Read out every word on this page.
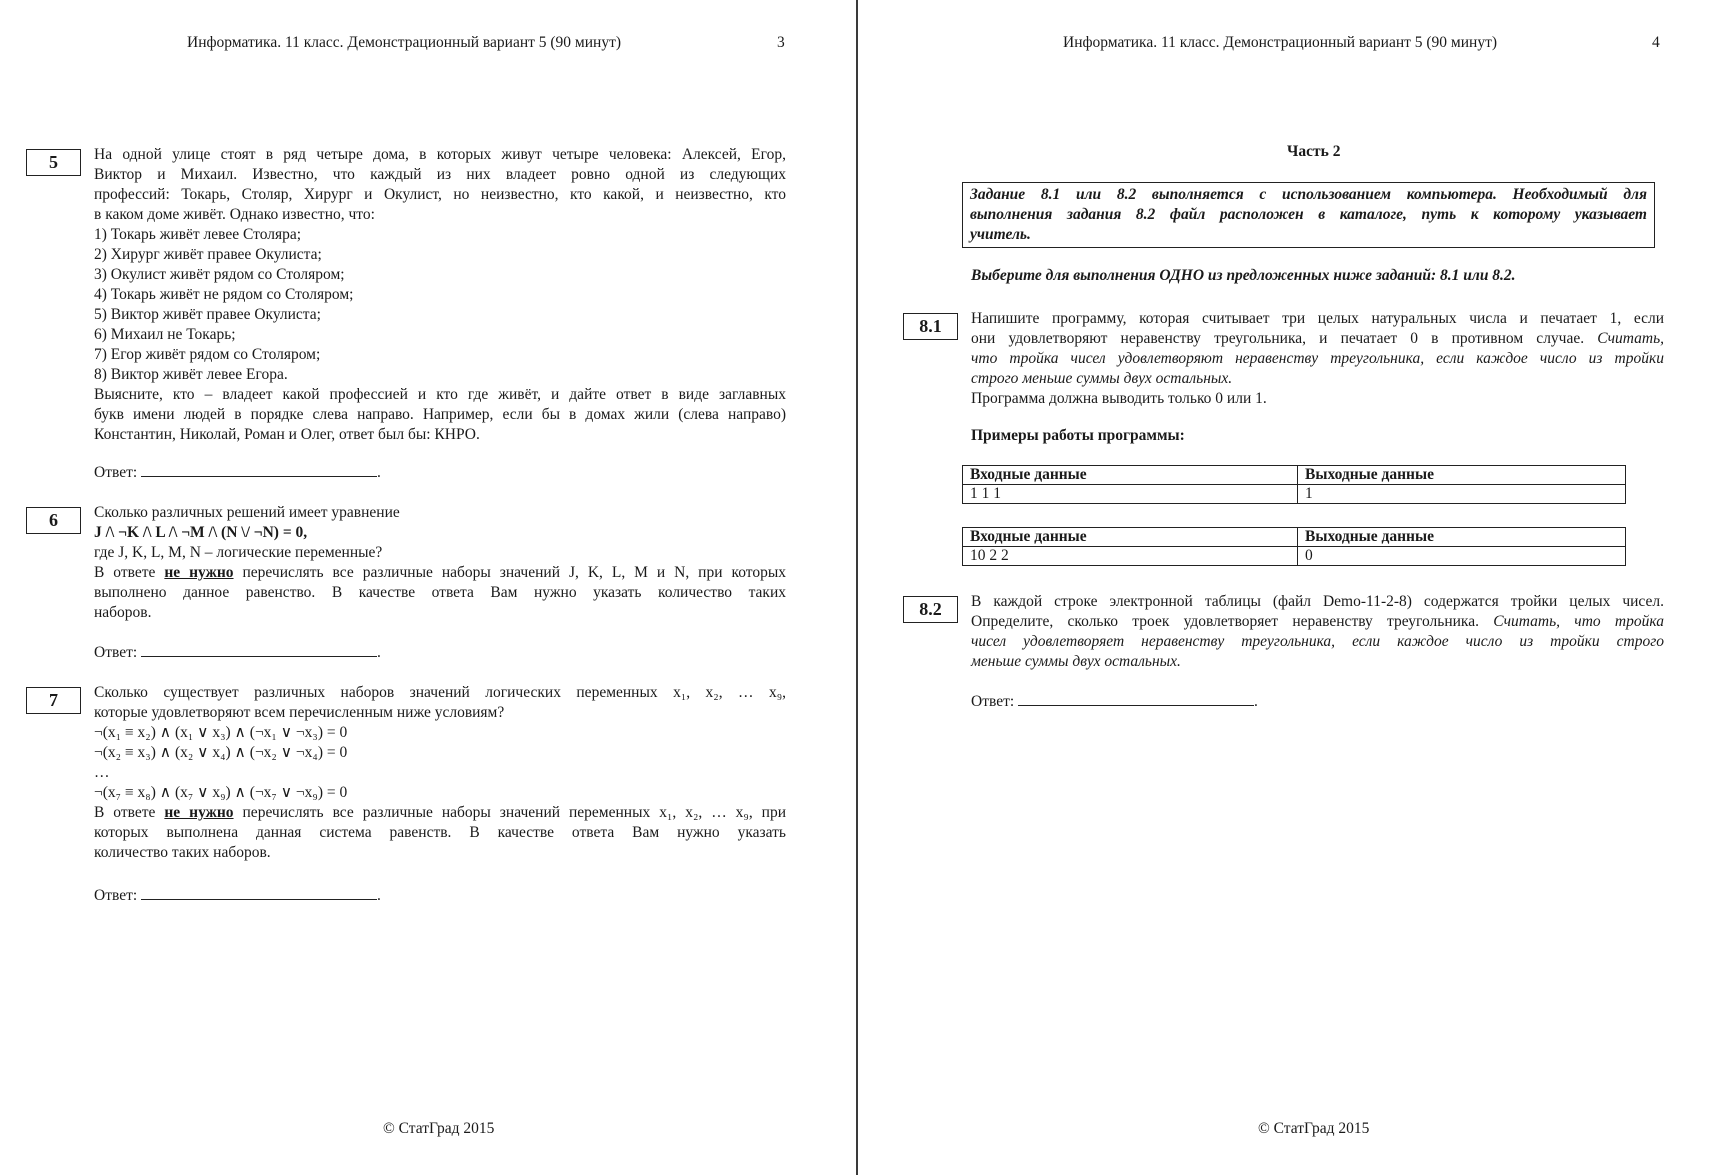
Информатика. 11 класс. Демонстрационный вариант 5 (90 минут)	3
5	На одной улице стоят в ряд четыре дома, в которых живут четыре человека: Алексей, Егор,
Виктор и Михаил. Известно, что каждый из них владеет ровно одной из следующих
профессий: Токарь, Столяр, Хирург и Окулист, но неизвестно, кто какой, и неизвестно, кто
в каком доме живёт. Однако известно, что:
1) Токарь живёт левее Столяра;
2) Хирург живёт правее Окулиста;
3) Окулист живёт рядом со Столяром;
4) Токарь живёт не рядом со Столяром;
5) Виктор живёт правее Окулиста;
6) Михаил не Токарь;
7) Егор живёт рядом со Столяром;
8) Виктор живёт левее Егора.
Выясните, кто – владеет какой профессией и кто где живёт, и дайте ответ в виде заглавных
букв имени людей в порядке слева направо. Например, если бы в домах жили (слева направо)
Константин, Николай, Роман и Олег, ответ был бы: КНРО.
Ответ:	.
6	Сколько различных решений имеет уравнение
J /\ ¬K /\ L /\ ¬M /\ (N \/ ¬N) = 0,
где J, K, L, M, N – логические переменные?
В ответе не нужно перечислять все различные наборы значений J, K, L, M и N, при которых
выполнено данное равенство. В качестве ответа Вам нужно указать количество таких
наборов.
Ответ:	.
7	Сколько существует различных наборов значений логических переменных x₁, x₂, … x₉,
которые удовлетворяют всем перечисленным ниже условиям?
¬(x₁ ≡ x₂) ∧ (x₁ ∨ x₃) ∧ (¬x₁ ∨ ¬x₃) = 0
¬(x₂ ≡ x₃) ∧ (x₂ ∨ x₄) ∧ (¬x₂ ∨ ¬x₄) = 0
…
¬(x₇ ≡ x₈) ∧ (x₇ ∨ x₉) ∧ (¬x₇ ∨ ¬x₉) = 0
В ответе не нужно перечислять все различные наборы значений переменных x₁, x₂, … x₉, при
которых выполнена данная система равенств. В качестве ответа Вам нужно указать
количество таких наборов.
Ответ:	.
© СтатГрад 2015
Информатика. 11 класс. Демонстрационный вариант 5 (90 минут)	4
Часть 2
Задание 8.1 или 8.2 выполняется с использованием компьютера. Необходимый для
выполнения задания 8.2 файл расположен в каталоге, путь к которому указывает
учитель.
Выберите для выполнения ОДНО из предложенных ниже заданий: 8.1 или 8.2.
8.1	Напишите программу, которая считывает три целых натуральных числа и печатает 1, если
они удовлетворяют неравенству треугольника, и печатает 0 в противном случае. Считать,
что тройка чисел удовлетворяют неравенству треугольника, если каждое число из тройки
строго меньше суммы двух остальных.
Программа должна выводить только 0 или 1.
Примеры работы программы:
Входные данные	Выходные данные
1 1 1	1
Входные данные	Выходные данные
10 2 2	0
8.2	В каждой строке электронной таблицы (файл Demo-11-2-8) содержатся тройки целых чисел.
Определите, сколько троек удовлетворяет неравенству треугольника. Считать, что тройка
чисел удовлетворяет неравенству треугольника, если каждое число из тройки строго
меньше суммы двух остальных.
Ответ:	.
© СтатГрад 2015
